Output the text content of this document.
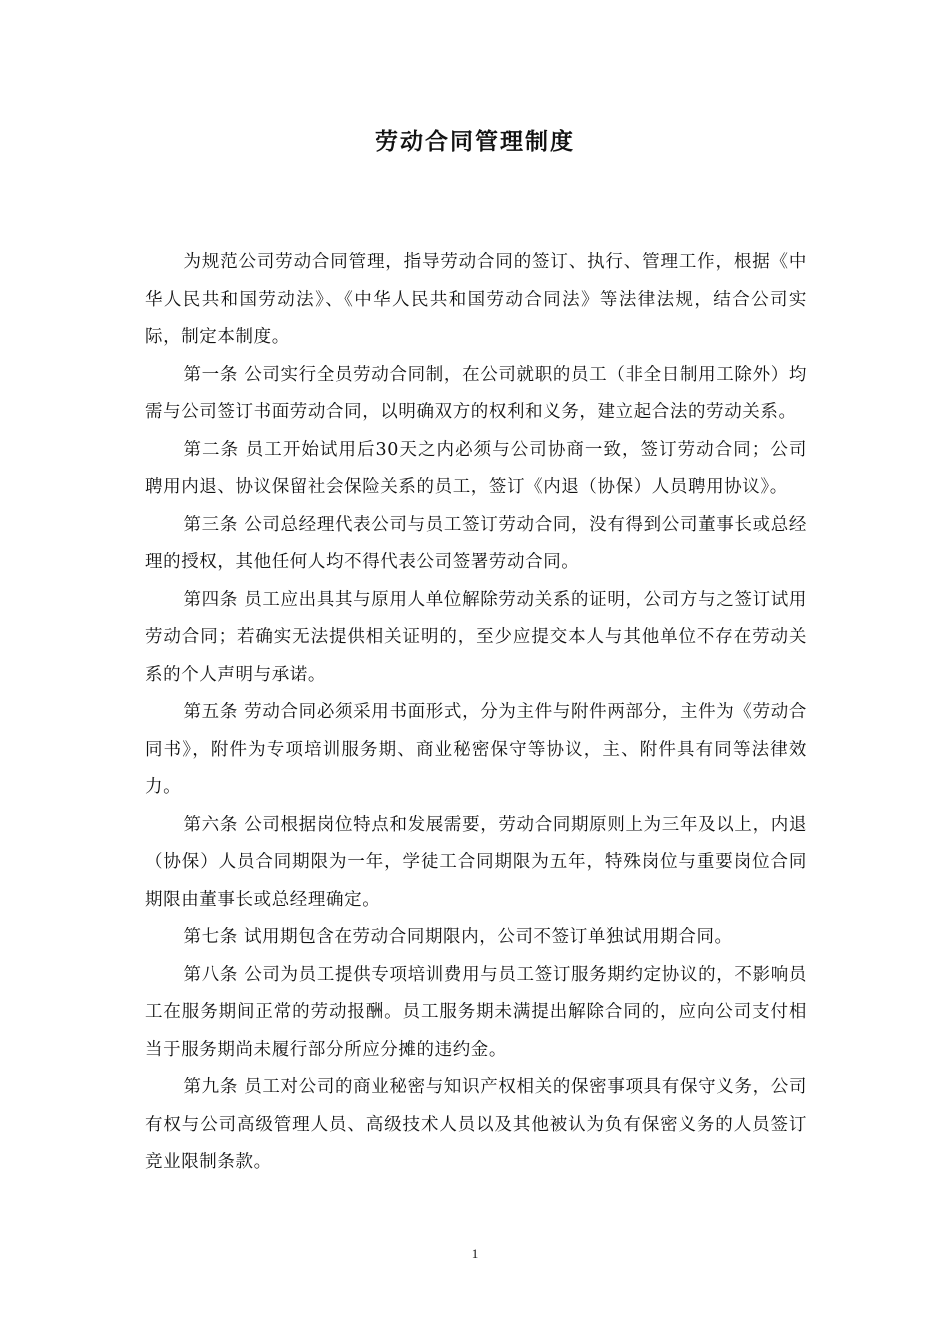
劳动合同管理制度

为规范公司劳动合同管理，指导劳动合同的签订、执行、管理工作，根据《中华人民共和国劳动法》、《中华人民共和国劳动合同法》等法律法规，结合公司实际，制定本制度。

第一条 公司实行全员劳动合同制，在公司就职的员工（非全日制用工除外）均需与公司签订书面劳动合同，以明确双方的权利和义务，建立起合法的劳动关系。

第二条 员工开始试用后30天之内必须与公司协商一致，签订劳动合同；公司聘用内退、协议保留社会保险关系的员工，签订《内退（协保）人员聘用协议》。

第三条 公司总经理代表公司与员工签订劳动合同，没有得到公司董事长或总经理的授权，其他任何人均不得代表公司签署劳动合同。

第四条 员工应出具其与原用人单位解除劳动关系的证明，公司方与之签订试用劳动合同；若确实无法提供相关证明的，至少应提交本人与其他单位不存在劳动关系的个人声明与承诺。

第五条 劳动合同必须采用书面形式，分为主件与附件两部分，主件为《劳动合同书》，附件为专项培训服务期、商业秘密保守等协议，主、附件具有同等法律效力。

第六条 公司根据岗位特点和发展需要，劳动合同期原则上为三年及以上，内退（协保）人员合同期限为一年，学徒工合同期限为五年，特殊岗位与重要岗位合同期限由董事长或总经理确定。

第七条 试用期包含在劳动合同期限内，公司不签订单独试用期合同。

第八条 公司为员工提供专项培训费用与员工签订服务期约定协议的，不影响员工在服务期间正常的劳动报酬。员工服务期未满提出解除合同的，应向公司支付相当于服务期尚未履行部分所应分摊的违约金。

第九条 员工对公司的商业秘密与知识产权相关的保密事项具有保守义务，公司有权与公司高级管理人员、高级技术人员以及其他被认为负有保密义务的人员签订竞业限制条款。

1
